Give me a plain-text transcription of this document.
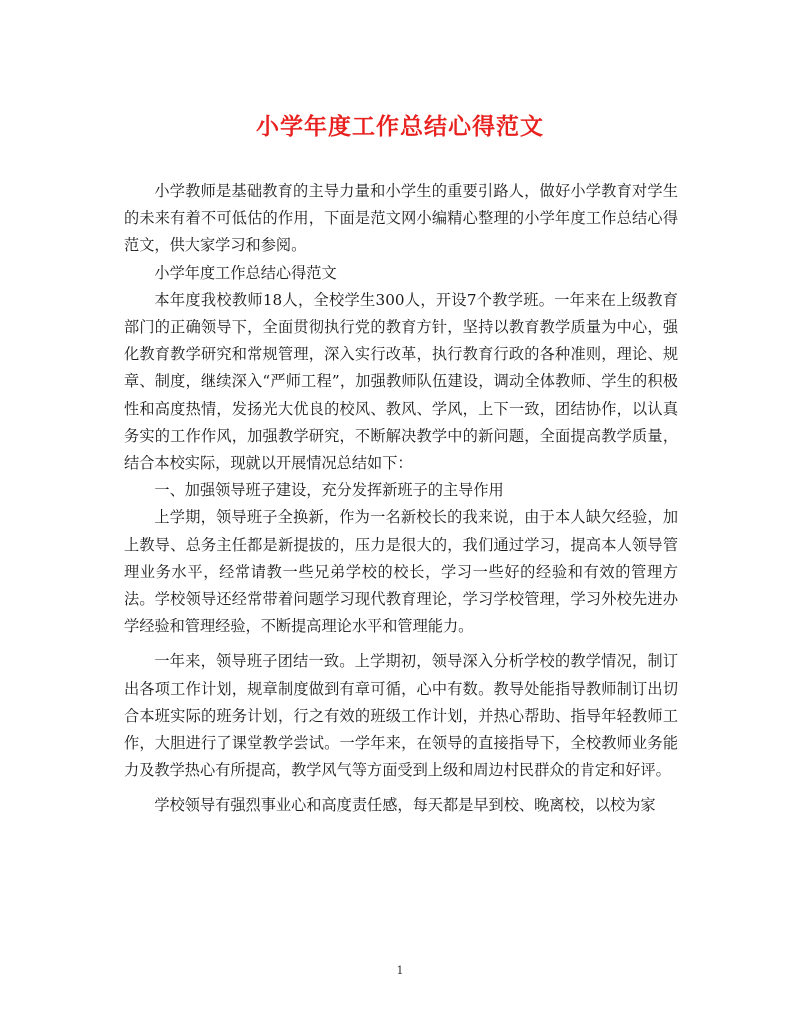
小学年度工作总结心得范文

小学教师是基础教育的主导力量和小学生的重要引路人，做好小学教育对学生的未来有着不可低估的作用，下面是范文网小编精心整理的小学年度工作总结心得范文，供大家学习和参阅。

小学年度工作总结心得范文

本年度我校教师18人，全校学生300人，开设7个教学班。一年来在上级教育部门的正确领导下，全面贯彻执行党的教育方针，坚持以教育教学质量为中心，强化教育教学研究和常规管理，深入实行改革，执行教育行政的各种准则，理论、规章、制度，继续深入“严师工程”，加强教师队伍建设，调动全体教师、学生的积极性和高度热情，发扬光大优良的校风、教风、学风，上下一致，团结协作，以认真务实的工作作风，加强教学研究，不断解决教学中的新问题，全面提高教学质量，结合本校实际，现就以开展情况总结如下：

一、加强领导班子建设，充分发挥新班子的主导作用

上学期，领导班子全换新，作为一名新校长的我来说，由于本人缺欠经验，加上教导、总务主任都是新提拔的，压力是很大的，我们通过学习，提高本人领导管理业务水平，经常请教一些兄弟学校的校长，学习一些好的经验和有效的管理方法。学校领导还经常带着问题学习现代教育理论，学习学校管理，学习外校先进办学经验和管理经验，不断提高理论水平和管理能力。

一年来，领导班子团结一致。上学期初，领导深入分析学校的教学情况，制订出各项工作计划，规章制度做到有章可循，心中有数。教导处能指导教师制订出切合本班实际的班务计划，行之有效的班级工作计划，并热心帮助、指导年轻教师工作，大胆进行了课堂教学尝试。一学年来，在领导的直接指导下，全校教师业务能力及教学热心有所提高，教学风气等方面受到上级和周边村民群众的肯定和好评。

学校领导有强烈事业心和高度责任感，每天都是早到校、晚离校，以校为家

1
